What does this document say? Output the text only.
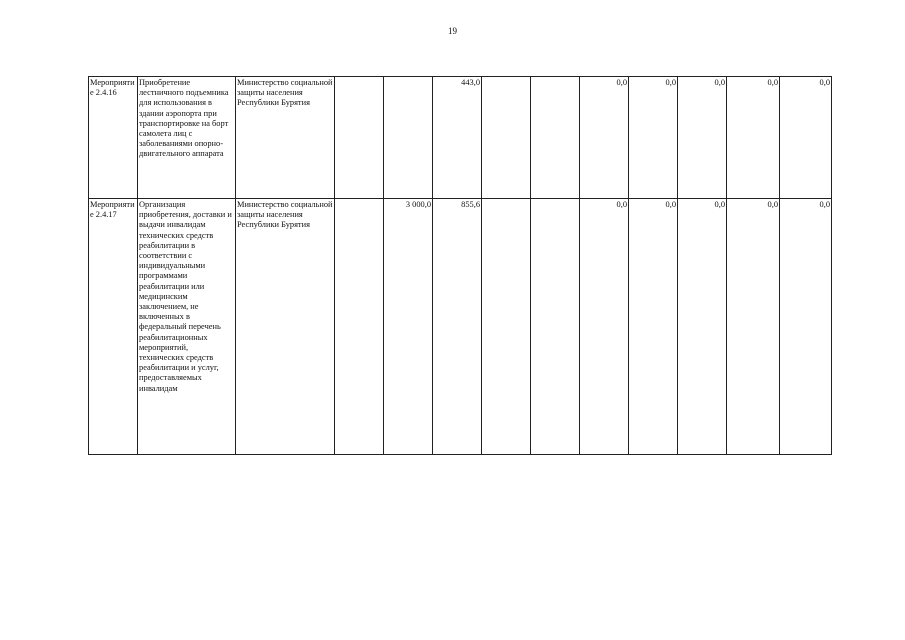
19
Мероприятие 2.4.16	Приобретение лестничного подъемника для использования в здании аэропорта при транспортировке на борт самолета лиц с заболеваниями опорно-двигательного аппарата	Министерство социальной защиты населения Республики Бурятия			443,0			0,0	0,0	0,0	0,0	0,0
Мероприятие 2.4.17	Организация приобретения, доставки и выдачи инвалидам технических средств реабилитации в соответствии с индивидуальными программами реабилитации или медицинским заключением, не включенных в федеральный перечень реабилитационных мероприятий, технических средств реабилитации и услуг, предоставляемых инвалидам	Министерство социальной защиты населения Республики Бурятия		3 000,0	855,6			0,0	0,0	0,0	0,0	0,0
